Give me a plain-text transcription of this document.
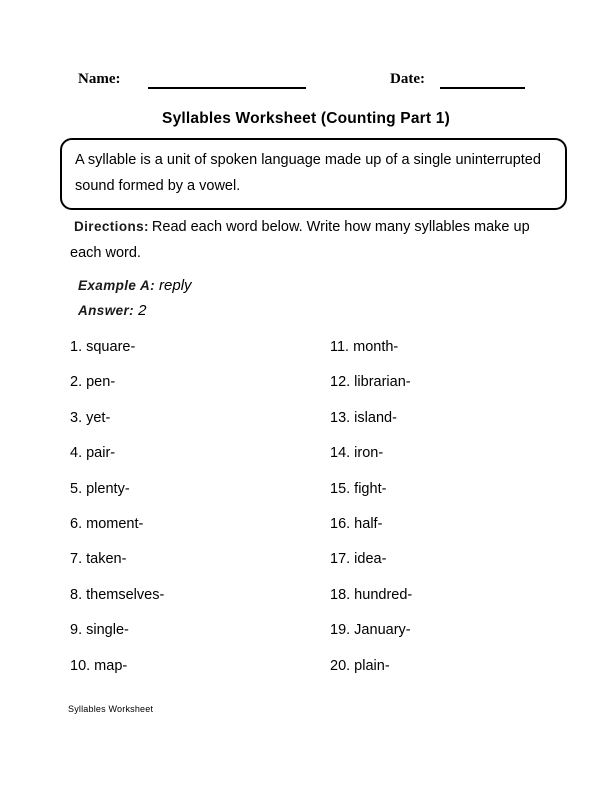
Name:	Date:
Syllables Worksheet (Counting Part 1)
A syllable is a unit of spoken language made up of a single uninterrupted sound formed by a vowel.
Directions: Read each word below. Write how many syllables make up each word.
Example A: reply
Answer: 2
1. square-
2. pen-
3. yet-
4. pair-
5. plenty-
6. moment-
7. taken-
8. themselves-
9. single-
10. map-
11. month-
12. librarian-
13. island-
14. iron-
15. fight-
16. half-
17. idea-
18. hundred-
19. January-
20. plain-
Syllables Worksheet
